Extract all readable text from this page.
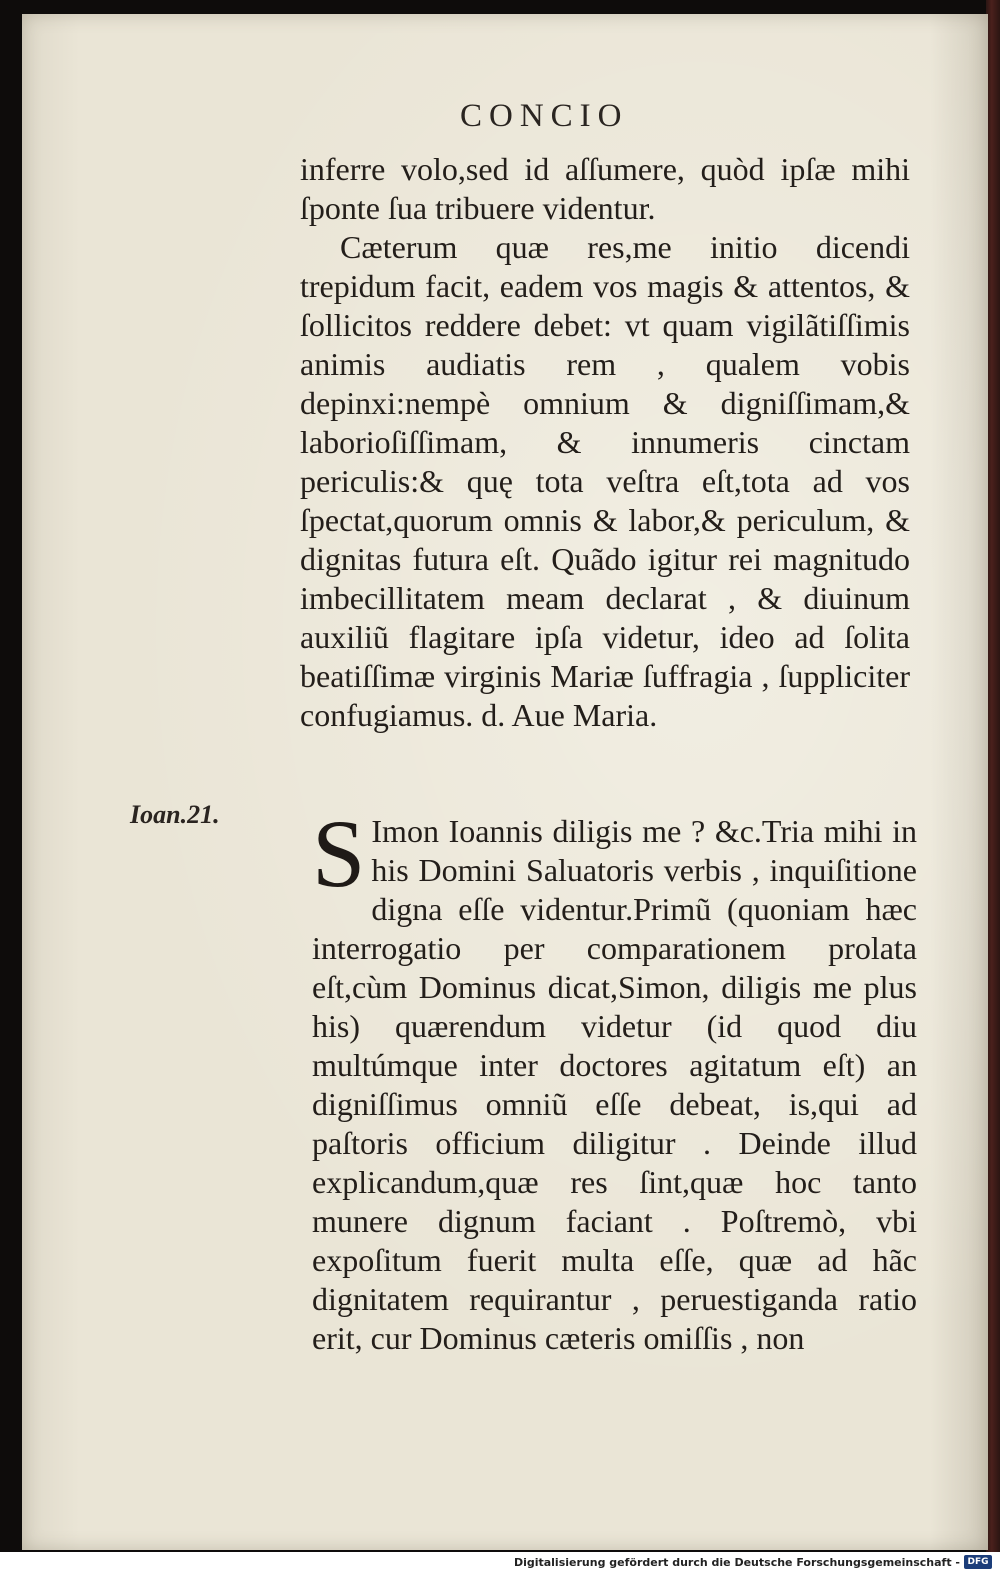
CONCIO

inferre volo,sed id aſſumere, quòd ipſæ mihi ſponte ſua tribuere videntur.

Cæterum quæ res,me initio dicendi trepidum facit, eadem vos magis & attentos, & ſollicitos reddere debet: vt quam vigilãtiſſimis animis audiatis rem , qualem vobis depinxi:nempè omnium & digniſſimam,& laborioſiſſimam, & innumeris cinctam periculis:& quę tota veſtra eſt,tota ad vos ſpectat,quorum omnis & labor,& periculum, & dignitas futura eſt. Quãdo igitur rei magnitudo imbecillitatem meam declarat , & diuinum auxiliũ flagitare ipſa videtur, ideo ad ſolita beatiſſimæ virginis Mariæ ſuffragia , ſuppliciter confugiamus. d. Aue Maria.

Ioan.21. S Imon Ioannis diligis me ? &c.Tria mihi in his Domini Saluatoris verbis , inquiſitione digna eſſe videntur.Primũ (quoniam hæc interrogatio per comparationem prolata eſt,cùm Dominus dicat,Simon, diligis me plus his) quærendum videtur (id quod diu multúmque inter doctores agitatum eſt) an digniſſimus omniũ eſſe debeat, is,qui ad paſtoris officium diligitur . Deinde illud explicandum,quæ res ſint,quæ hoc tanto munere dignum faciant . Poſtremò, vbi expoſitum fuerit multa eſſe, quæ ad hãc dignitatem requirantur , peruestiganda ratio erit, cur Dominus cæteris omiſſis , non

Digitalisierung gefördert durch die Deutsche Forschungsgemeinschaft - DFG
